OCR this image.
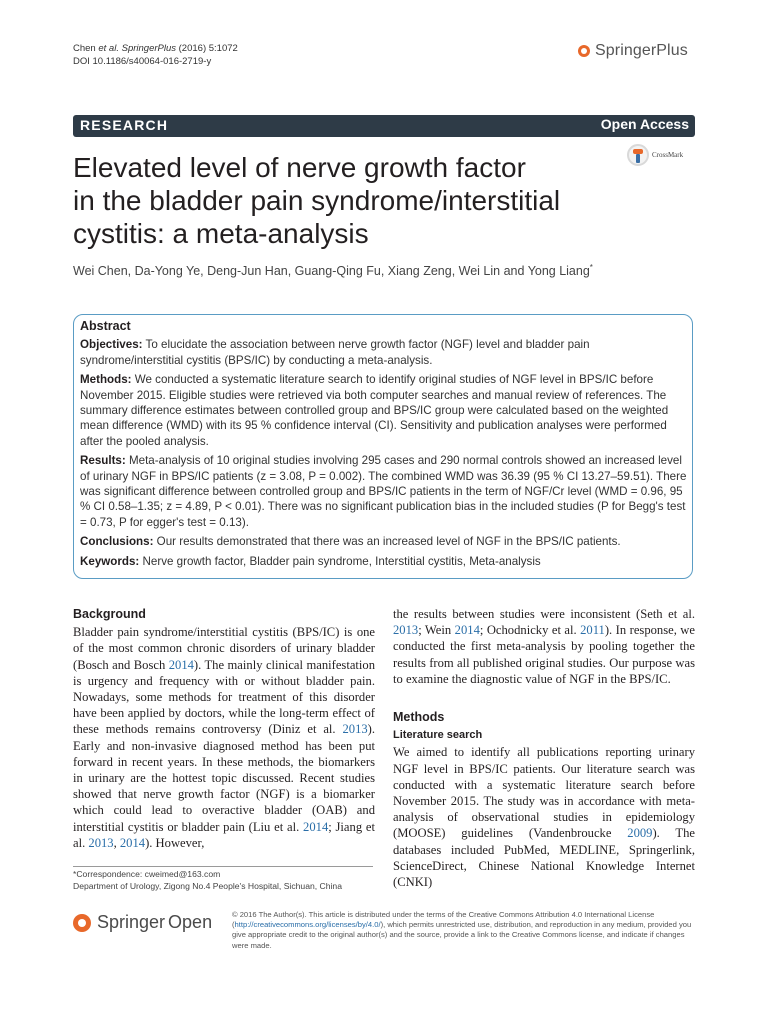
Chen et al. SpringerPlus (2016) 5:1072
DOI 10.1186/s40064-016-2719-y
SpringerPlus
RESEARCH	Open Access
Elevated level of nerve growth factor
in the bladder pain syndrome/interstitial
cystitis: a meta-analysis
CrossMark
Wei Chen, Da-Yong Ye, Deng-Jun Han, Guang-Qing Fu, Xiang Zeng, Wei Lin and Yong Liang*
Abstract

Objectives: To elucidate the association between nerve growth factor (NGF) level and bladder pain syndrome/interstitial cystitis (BPS/IC) by conducting a meta-analysis.

Methods: We conducted a systematic literature search to identify original studies of NGF level in BPS/IC before November 2015. Eligible studies were retrieved via both computer searches and manual review of references. The summary difference estimates between controlled group and BPS/IC group were calculated based on the weighted mean difference (WMD) with its 95 % confidence interval (CI). Sensitivity and publication analyses were performed after the pooled analysis.

Results: Meta-analysis of 10 original studies involving 295 cases and 290 normal controls showed an increased level of urinary NGF in BPS/IC patients (z = 3.08, P = 0.002). The combined WMD was 36.39 (95 % CI 13.27–59.51). There was significant difference between controlled group and BPS/IC patients in the term of NGF/Cr level (WMD = 0.96, 95 % CI 0.58–1.35; z = 4.89, P < 0.01). There was no significant publication bias in the included studies (P for Begg's test = 0.73, P for egger's test = 0.13).

Conclusions: Our results demonstrated that there was an increased level of NGF in the BPS/IC patients.

Keywords: Nerve growth factor, Bladder pain syndrome, Interstitial cystitis, Meta-analysis

Background

Bladder pain syndrome/interstitial cystitis (BPS/IC) is one of the most common chronic disorders of urinary bladder (Bosch and Bosch 2014). The mainly clinical manifestation is urgency and frequency with or without bladder pain. Nowadays, some methods for treatment of this disorder have been applied by doctors, while the long-term effect of these methods remains controversy (Diniz et al. 2013). Early and non-invasive diagnosed method has been put forward in recent years. In these methods, the biomarkers in urinary are the hottest topic discussed. Recent studies showed that nerve growth factor (NGF) is a biomarker which could lead to overactive bladder (OAB) and interstitial cystitis or bladder pain (Liu et al. 2014; Jiang et al. 2013, 2014). However,

the results between studies were inconsistent (Seth et al. 2013; Wein 2014; Ochodnicky et al. 2011). In response, we conducted the first meta-analysis by pooling together the results from all published original studies. Our purpose was to examine the diagnostic value of NGF in the BPS/IC.

Methods
Literature search

We aimed to identify all publications reporting urinary NGF level in BPS/IC patients. Our literature search was conducted with a systematic literature search before November 2015. The study was in accordance with meta-analysis of observational studies in epidemiology (MOOSE) guidelines (Vandenbroucke 2009). The databases included PubMed, MEDLINE, Springerlink, ScienceDirect, Chinese National Knowledge Internet (CNKI)

*Correspondence: cweimed@163.com
Department of Urology, Zigong No.4 People's Hospital, Sichuan, China
Springer Open	© 2016 The Author(s). This article is distributed under the terms of the Creative Commons Attribution 4.0 International License (http://creativecommons.org/licenses/by/4.0/), which permits unrestricted use, distribution, and reproduction in any medium, provided you give appropriate credit to the original author(s) and the source, provide a link to the Creative Commons license, and indicate if changes were made.
